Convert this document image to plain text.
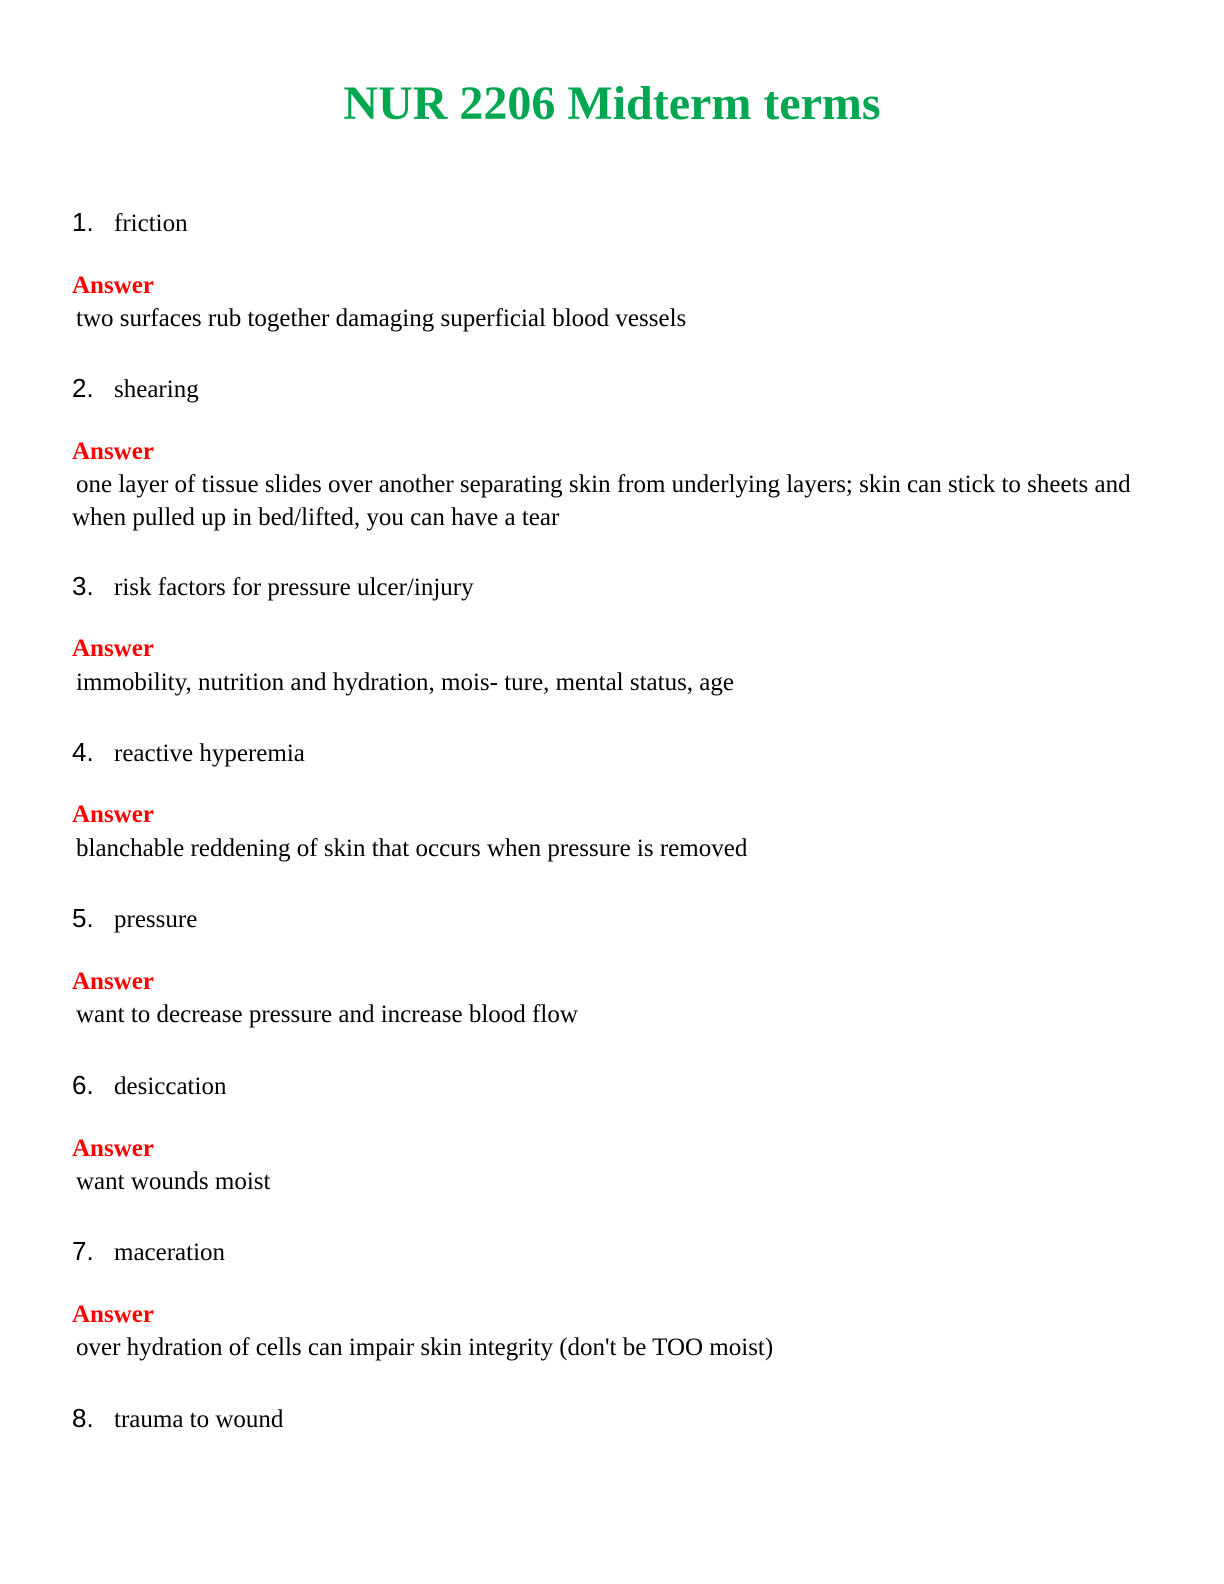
NUR 2206 Midterm terms
1. friction
Answer
two surfaces rub together damaging superficial blood vessels
2. shearing
Answer
one layer of tissue slides over another separating skin from underlying layers; skin can stick to sheets and when pulled up in bed/lifted, you can have a tear
3. risk factors for pressure ulcer/injury
Answer
immobility, nutrition and hydration, mois- ture, mental status, age
4. reactive hyperemia
Answer
blanchable reddening of skin that occurs when pressure is removed
5. pressure
Answer
want to decrease pressure and increase blood flow
6. desiccation
Answer
want wounds moist
7. maceration
Answer
over hydration of cells can impair skin integrity (don't be TOO moist)
8. trauma to wound
